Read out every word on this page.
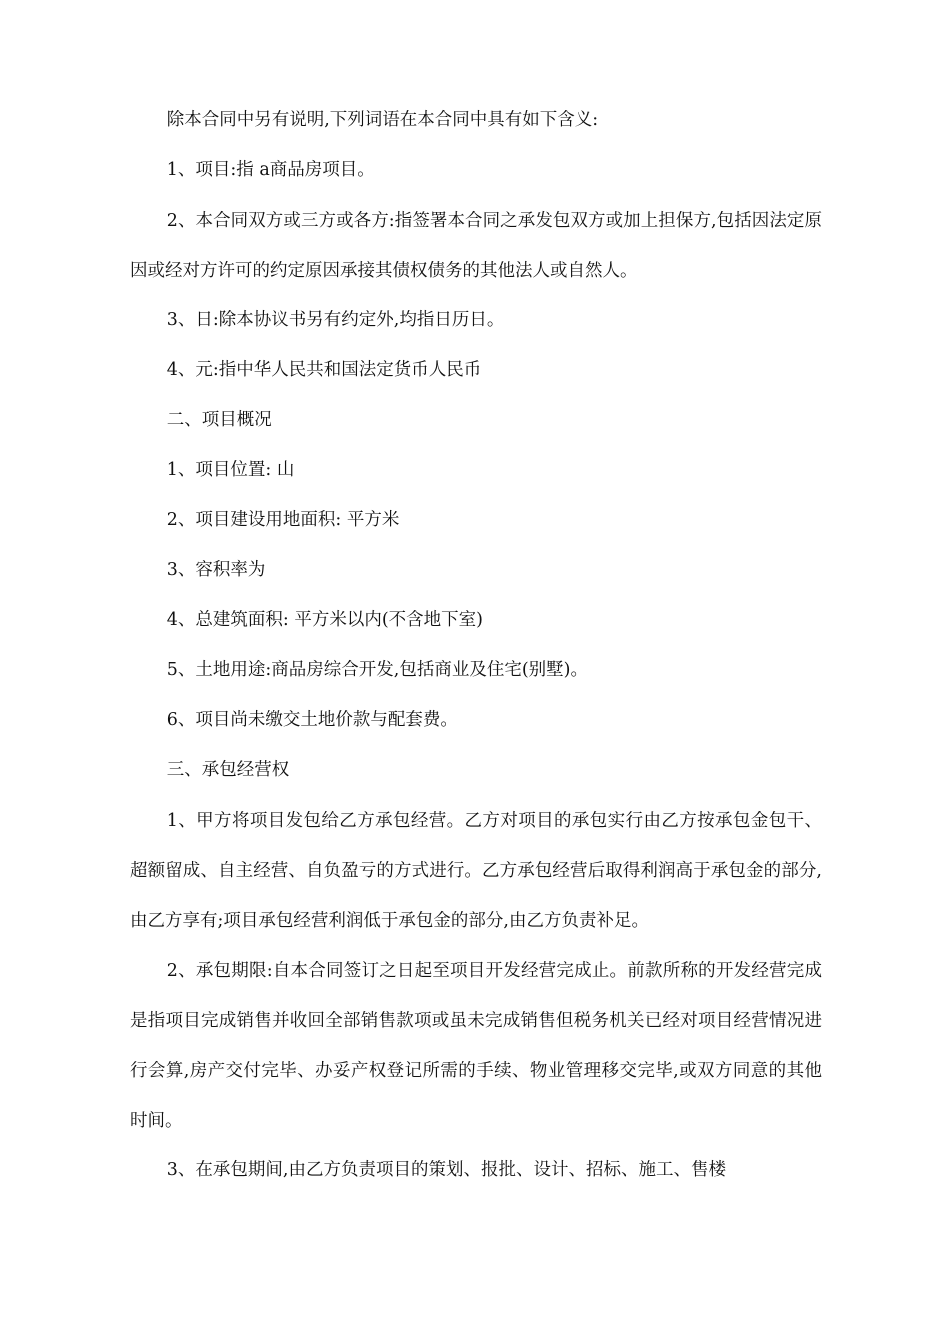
除本合同中另有说明,下列词语在本合同中具有如下含义:

1、项目:指 a商品房项目。

2、本合同双方或三方或各方:指签署本合同之承发包双方或加上担保方,包括因法定原因或经对方许可的约定原因承接其债权债务的其他法人或自然人。

3、日:除本协议书另有约定外,均指日历日。

4、元:指中华人民共和国法定货币人民币

二、项目概况

1、项目位置: 山

2、项目建设用地面积: 平方米

3、容积率为

4、总建筑面积: 平方米以内(不含地下室)

5、土地用途:商品房综合开发,包括商业及住宅(别墅)。

6、项目尚未缴交土地价款与配套费。

三、承包经营权

1、甲方将项目发包给乙方承包经营。乙方对项目的承包实行由乙方按承包金包干、超额留成、自主经营、自负盈亏的方式进行。乙方承包经营后取得利润高于承包金的部分,由乙方享有;项目承包经营利润低于承包金的部分,由乙方负责补足。

2、承包期限:自本合同签订之日起至项目开发经营完成止。前款所称的开发经营完成是指项目完成销售并收回全部销售款项或虽未完成销售但税务机关已经对项目经营情况进行会算,房产交付完毕、办妥产权登记所需的手续、物业管理移交完毕,或双方同意的其他时间。

3、在承包期间,由乙方负责项目的策划、报批、设计、招标、施工、售楼
